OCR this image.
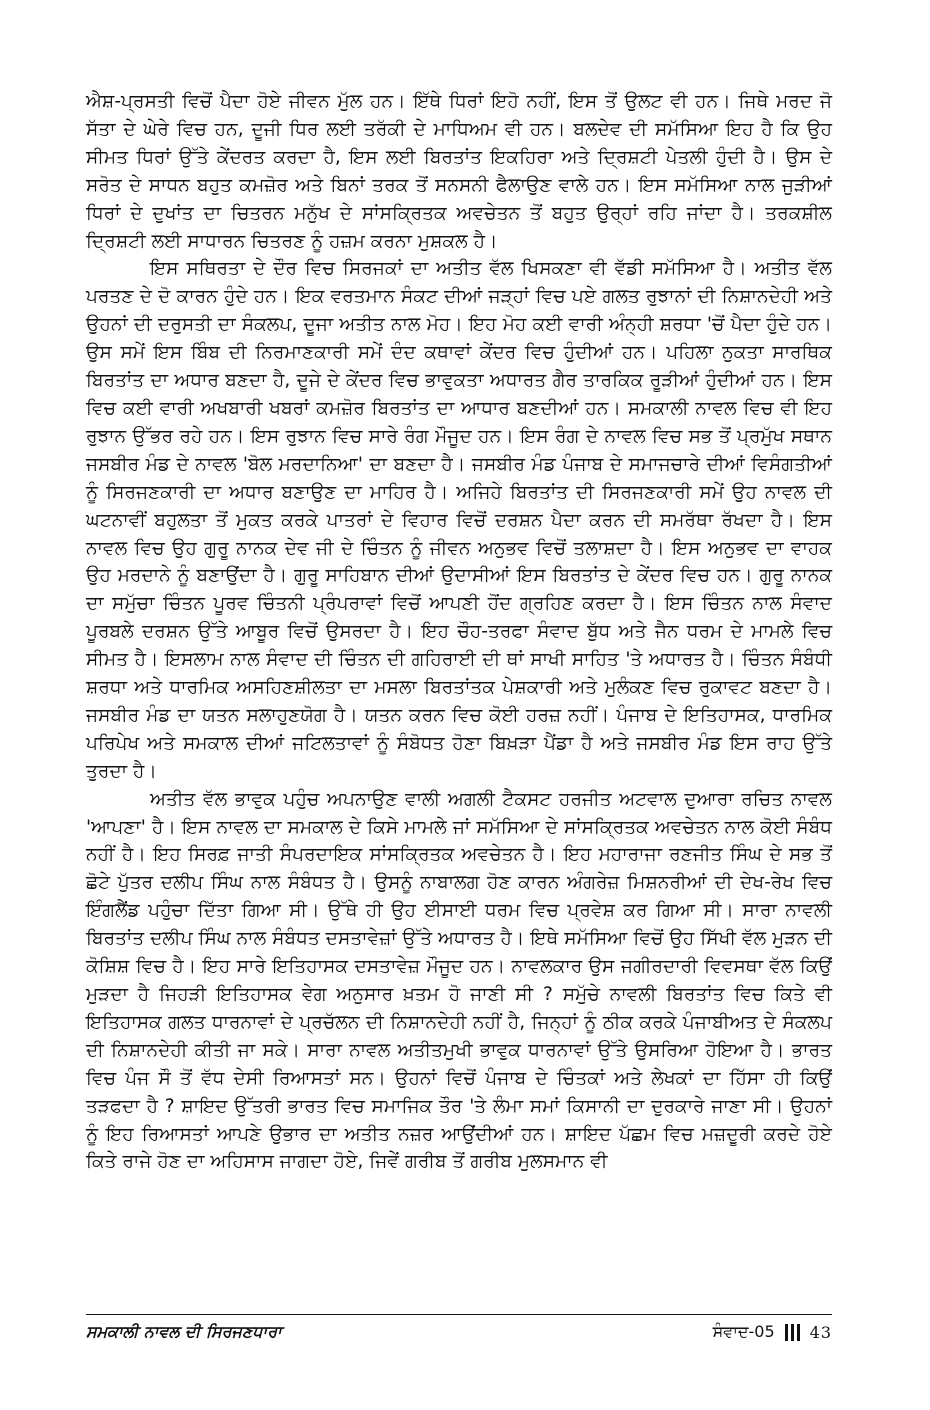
ਐਸ਼-ਪ੍ਰਸਤੀ ਵਿਚੋਂ ਪੈਦਾ ਹੋਏ ਜੀਵਨ ਮੁੱਲ ਹਨ। ਇੱਥੇ ਧਿਰਾਂ ਇਹੋ ਨਹੀਂ, ਇਸ ਤੋਂ ਉਲਟ ਵੀ ਹਨ। ਜਿਥੇ ਮਰਦ ਜੋ ਸੱਤਾ ਦੇ ਘੇਰੇ ਵਿਚ ਹਨ, ਦੂਜੀ ਧਿਰ ਲਈ ਤਰੱਕੀ ਦੇ ਮਾਧਿਅਮ ਵੀ ਹਨ। ਬਲਦੇਵ ਦੀ ਸਮੱਸਿਆ ਇਹ ਹੈ ਕਿ ਉਹ ਸੀਮਤ ਧਿਰਾਂ ਉੱਤੇ ਕੇਂਦਰਤ ਕਰਦਾ ਹੈ, ਇਸ ਲਈ ਬਿਰਤਾਂਤ ਇਕਹਿਰਾ ਅਤੇ ਦ੍ਰਿਸ਼ਟੀ ਪੇਤਲੀ ਹੁੰਦੀ ਹੈ। ਉਸ ਦੇ ਸਰੋਤ ਦੇ ਸਾਧਨ ਬਹੁਤ ਕਮਜ਼ੋਰ ਅਤੇ ਬਿਨਾਂ ਤਰਕ ਤੋਂ ਸਨਸਨੀ ਫੈਲਾਉਣ ਵਾਲੇ ਹਨ। ਇਸ ਸਮੱਸਿਆ ਨਾਲ ਜੁੜੀਆਂ ਧਿਰਾਂ ਦੇ ਦੁਖਾਂਤ ਦਾ ਚਿਤਰਨ ਮਨੁੱਖ ਦੇ ਸਾਂਸਕ੍ਰਿਤਕ ਅਵਚੇਤਨ ਤੋਂ ਬਹੁਤ ਉਰ੍ਹਾਂ ਰਹਿ ਜਾਂਦਾ ਹੈ। ਤਰਕਸ਼ੀਲ ਦ੍ਰਿਸ਼ਟੀ ਲਈ ਸਾਧਾਰਨ ਚਿਤਰਣ ਨੂੰ ਹਜ਼ਮ ਕਰਨਾ ਮੁਸ਼ਕਲ ਹੈ।

ਇਸ ਸਥਿਰਤਾ ਦੇ ਦੌਰ ਵਿਚ ਸਿਰਜਕਾਂ ਦਾ ਅਤੀਤ ਵੱਲ ਖਿਸਕਣਾ ਵੀ ਵੱਡੀ ਸਮੱਸਿਆ ਹੈ। ਅਤੀਤ ਵੱਲ ਪਰਤਣ ਦੇ ਦੋ ਕਾਰਨ ਹੁੰਦੇ ਹਨ। ਇਕ ਵਰਤਮਾਨ ਸੰਕਟ ਦੀਆਂ ਜੜ੍ਹਾਂ ਵਿਚ ਪਏ ਗਲਤ ਰੁਝਾਨਾਂ ਦੀ ਨਿਸ਼ਾਨਦੇਹੀ ਅਤੇ ਉਹਨਾਂ ਦੀ ਦਰੁਸਤੀ ਦਾ ਸੰਕਲਪ, ਦੂਜਾ ਅਤੀਤ ਨਾਲ ਮੋਹ। ਇਹ ਮੋਹ ਕਈ ਵਾਰੀ ਅੰਨ੍ਹੀ ਸ਼ਰਧਾ 'ਚੋਂ ਪੈਦਾ ਹੁੰਦੇ ਹਨ। ਉਸ ਸਮੇਂ ਇਸ ਬਿੰਬ ਦੀ ਨਿਰਮਾਣਕਾਰੀ ਸਮੇਂ ਦੰਦ ਕਥਾਵਾਂ ਕੇਂਦਰ ਵਿਚ ਹੁੰਦੀਆਂ ਹਨ। ਪਹਿਲਾ ਨੁਕਤਾ ਸਾਰਥਿਕ ਬਿਰਤਾਂਤ ਦਾ ਅਧਾਰ ਬਣਦਾ ਹੈ, ਦੂਜੇ ਦੇ ਕੇਂਦਰ ਵਿਚ ਭਾਵੁਕਤਾ ਅਧਾਰਤ ਗੈਰ ਤਾਰਕਿਕ ਰੂੜੀਆਂ ਹੁੰਦੀਆਂ ਹਨ। ਇਸ ਵਿਚ ਕਈ ਵਾਰੀ ਅਖਬਾਰੀ ਖਬਰਾਂ ਕਮਜ਼ੋਰ ਬਿਰਤਾਂਤ ਦਾ ਆਧਾਰ ਬਣਦੀਆਂ ਹਨ। ਸਮਕਾਲੀ ਨਾਵਲ ਵਿਚ ਵੀ ਇਹ ਰੁਝਾਨ ਉੱਭਰ ਰਹੇ ਹਨ। ਇਸ ਰੁਝਾਨ ਵਿਚ ਸਾਰੇ ਰੰਗ ਮੌਜੂਦ ਹਨ। ਇਸ ਰੰਗ ਦੇ ਨਾਵਲ ਵਿਚ ਸਭ ਤੋਂ ਪ੍ਰਮੁੱਖ ਸਥਾਨ ਜਸਬੀਰ ਮੰਡ ਦੇ ਨਾਵਲ 'ਬੋਲ ਮਰਦਾਨਿਆ' ਦਾ ਬਣਦਾ ਹੈ। ਜਸਬੀਰ ਮੰਡ ਪੰਜਾਬ ਦੇ ਸਮਾਜਚਾਰੇ ਦੀਆਂ ਵਿਸੰਗਤੀਆਂ ਨੂੰ ਸਿਰਜਣਕਾਰੀ ਦਾ ਅਧਾਰ ਬਣਾਉਣ ਦਾ ਮਾਹਿਰ ਹੈ। ਅਜਿਹੇ ਬਿਰਤਾਂਤ ਦੀ ਸਿਰਜਣਕਾਰੀ ਸਮੇਂ ਉਹ ਨਾਵਲ ਦੀ ਘਟਨਾਵੀਂ ਬਹੁਲਤਾ ਤੋਂ ਮੁਕਤ ਕਰਕੇ ਪਾਤਰਾਂ ਦੇ ਵਿਹਾਰ ਵਿਚੋਂ ਦਰਸ਼ਨ ਪੈਦਾ ਕਰਨ ਦੀ ਸਮਰੱਥਾ ਰੱਖਦਾ ਹੈ। ਇਸ ਨਾਵਲ ਵਿਚ ਉਹ ਗੁਰੂ ਨਾਨਕ ਦੇਵ ਜੀ ਦੇ ਚਿੰਤਨ ਨੂੰ ਜੀਵਨ ਅਨੁਭਵ ਵਿਚੋਂ ਤਲਾਸ਼ਦਾ ਹੈ। ਇਸ ਅਨੁਭਵ ਦਾ ਵਾਹਕ ਉਹ ਮਰਦਾਨੇ ਨੂੰ ਬਣਾਉਂਦਾ ਹੈ। ਗੁਰੂ ਸਾਹਿਬਾਨ ਦੀਆਂ ਉਦਾਸੀਆਂ ਇਸ ਬਿਰਤਾਂਤ ਦੇ ਕੇਂਦਰ ਵਿਚ ਹਨ। ਗੁਰੂ ਨਾਨਕ ਦਾ ਸਮੁੱਚਾ ਚਿੰਤਨ ਪੂਰਵ ਚਿੰਤਨੀ ਪ੍ਰੰਪਰਾਵਾਂ ਵਿਚੋਂ ਆਪਣੀ ਹੋਂਦ ਗ੍ਰਹਿਣ ਕਰਦਾ ਹੈ। ਇਸ ਚਿੰਤਨ ਨਾਲ ਸੰਵਾਦ ਪੂਰਬਲੇ ਦਰਸ਼ਨ ਉੱਤੇ ਆਬੂਰ ਵਿਚੋਂ ਉਸਰਦਾ ਹੈ। ਇਹ ਚੌਹ-ਤਰਫਾ ਸੰਵਾਦ ਬੁੱਧ ਅਤੇ ਜੈਨ ਧਰਮ ਦੇ ਮਾਮਲੇ ਵਿਚ ਸੀਮਤ ਹੈ। ਇਸਲਾਮ ਨਾਲ ਸੰਵਾਦ ਦੀ ਚਿੰਤਨ ਦੀ ਗਹਿਰਾਈ ਦੀ ਥਾਂ ਸਾਖੀ ਸਾਹਿਤ 'ਤੇ ਅਧਾਰਤ ਹੈ। ਚਿੰਤਨ ਸੰਬੰਧੀ ਸ਼ਰਧਾ ਅਤੇ ਧਾਰਮਿਕ ਅਸਹਿਣਸ਼ੀਲਤਾ ਦਾ ਮਸਲਾ ਬਿਰਤਾਂਤਕ ਪੇਸ਼ਕਾਰੀ ਅਤੇ ਮੁਲੰਕਣ ਵਿਚ ਰੁਕਾਵਟ ਬਣਦਾ ਹੈ। ਜਸਬੀਰ ਮੰਡ ਦਾ ਯਤਨ ਸਲਾਹੁਣਯੋਗ ਹੈ। ਯਤਨ ਕਰਨ ਵਿਚ ਕੋਈ ਹਰਜ਼ ਨਹੀਂ। ਪੰਜਾਬ ਦੇ ਇਤਿਹਾਸਕ, ਧਾਰਮਿਕ ਪਰਿਪੇਖ ਅਤੇ ਸਮਕਾਲ ਦੀਆਂ ਜਟਿਲਤਾਵਾਂ ਨੂੰ ਸੰਬੋਧਤ ਹੋਣਾ ਬਿਖ਼ੜਾ ਪੈਂਡਾ ਹੈ ਅਤੇ ਜਸਬੀਰ ਮੰਡ ਇਸ ਰਾਹ ਉੱਤੇ ਤੁਰਦਾ ਹੈ।

ਅਤੀਤ ਵੱਲ ਭਾਵੁਕ ਪਹੁੰਚ ਅਪਨਾਉਣ ਵਾਲੀ ਅਗਲੀ ਟੈਕਸਟ ਹਰਜੀਤ ਅਟਵਾਲ ਦੁਆਰਾ ਰਚਿਤ ਨਾਵਲ 'ਆਪਣਾ' ਹੈ। ਇਸ ਨਾਵਲ ਦਾ ਸਮਕਾਲ ਦੇ ਕਿਸੇ ਮਾਮਲੇ ਜਾਂ ਸਮੱਸਿਆ ਦੇ ਸਾਂਸਕ੍ਰਿਤਕ ਅਵਚੇਤਨ ਨਾਲ ਕੋਈ ਸੰਬੰਧ ਨਹੀਂ ਹੈ। ਇਹ ਸਿਰਫ਼ ਜਾਤੀ ਸੰਪਰਦਾਇਕ ਸਾਂਸਕ੍ਰਿਤਕ ਅਵਚੇਤਨ ਹੈ। ਇਹ ਮਹਾਰਾਜਾ ਰਣਜੀਤ ਸਿੰਘ ਦੇ ਸਭ ਤੋਂ ਛੋਟੇ ਪੁੱਤਰ ਦਲੀਪ ਸਿੰਘ ਨਾਲ ਸੰਬੰਧਤ ਹੈ। ਉਸਨੂੰ ਨਾਬਾਲਗ ਹੋਣ ਕਾਰਨ ਅੰਗਰੇਜ਼ ਮਿਸ਼ਨਰੀਆਂ ਦੀ ਦੇਖ-ਰੇਖ ਵਿਚ ਇੰਗਲੈਂਡ ਪਹੁੰਚਾ ਦਿੱਤਾ ਗਿਆ ਸੀ। ਉੱਥੇ ਹੀ ਉਹ ਈਸਾਈ ਧਰਮ ਵਿਚ ਪ੍ਰਵੇਸ਼ ਕਰ ਗਿਆ ਸੀ। ਸਾਰਾ ਨਾਵਲੀ ਬਿਰਤਾਂਤ ਦਲੀਪ ਸਿੰਘ ਨਾਲ ਸੰਬੰਧਤ ਦਸਤਾਵੇਜ਼ਾਂ ਉੱਤੇ ਅਧਾਰਤ ਹੈ। ਇਥੇ ਸਮੱਸਿਆ ਵਿਚੋਂ ਉਹ ਸਿੱਖੀ ਵੱਲ ਮੁੜਨ ਦੀ ਕੋਸ਼ਿਸ਼ ਵਿਚ ਹੈ। ਇਹ ਸਾਰੇ ਇਤਿਹਾਸਕ ਦਸਤਾਵੇਜ਼ ਮੌਜੂਦ ਹਨ। ਨਾਵਲਕਾਰ ਉਸ ਜਗੀਰਦਾਰੀ ਵਿਵਸਥਾ ਵੱਲ ਕਿਉਂ ਮੁੜਦਾ ਹੈ ਜਿਹੜੀ ਇਤਿਹਾਸਕ ਵੇਗ ਅਨੁਸਾਰ ਖ਼ਤਮ ਹੋ ਜਾਣੀ ਸੀ ? ਸਮੁੱਚੇ ਨਾਵਲੀ ਬਿਰਤਾਂਤ ਵਿਚ ਕਿਤੇ ਵੀ ਇਤਿਹਾਸਕ ਗਲਤ ਧਾਰਨਾਵਾਂ ਦੇ ਪ੍ਰਚੱਲਨ ਦੀ ਨਿਸ਼ਾਨਦੇਹੀ ਨਹੀਂ ਹੈ, ਜਿਨ੍ਹਾਂ ਨੂੰ ਠੀਕ ਕਰਕੇ ਪੰਜਾਬੀਅਤ ਦੇ ਸੰਕਲਪ ਦੀ ਨਿਸ਼ਾਨਦੇਹੀ ਕੀਤੀ ਜਾ ਸਕੇ। ਸਾਰਾ ਨਾਵਲ ਅਤੀਤਮੁਖੀ ਭਾਵੁਕ ਧਾਰਨਾਵਾਂ ਉੱਤੇ ਉਸਰਿਆ ਹੋਇਆ ਹੈ। ਭਾਰਤ ਵਿਚ ਪੰਜ ਸੌ ਤੋਂ ਵੱਧ ਦੇਸੀ ਰਿਆਸਤਾਂ ਸਨ। ਉਹਨਾਂ ਵਿਚੋਂ ਪੰਜਾਬ ਦੇ ਚਿੰਤਕਾਂ ਅਤੇ ਲੇਖਕਾਂ ਦਾ ਹਿੱਸਾ ਹੀ ਕਿਉਂ ਤੜਫਦਾ ਹੈ ? ਸ਼ਾਇਦ ਉੱਤਰੀ ਭਾਰਤ ਵਿਚ ਸਮਾਜਿਕ ਤੌਰ 'ਤੇ ਲੰਮਾ ਸਮਾਂ ਕਿਸਾਨੀ ਦਾ ਦੁਰਕਾਰੇ ਜਾਣਾ ਸੀ। ਉਹਨਾਂ ਨੂੰ ਇਹ ਰਿਆਸਤਾਂ ਆਪਣੇ ਉਭਾਰ ਦਾ ਅਤੀਤ ਨਜ਼ਰ ਆਉਂਦੀਆਂ ਹਨ। ਸ਼ਾਇਦ ਪੱਛਮ ਵਿਚ ਮਜ਼ਦੂਰੀ ਕਰਦੇ ਹੋਏ ਕਿਤੇ ਰਾਜੇ ਹੋਣ ਦਾ ਅਹਿਸਾਸ ਜਾਗਦਾ ਹੋਏ, ਜਿਵੇਂ ਗਰੀਬ ਤੋਂ ਗਰੀਬ ਮੁਲਸਮਾਨ ਵੀ

ਸਮਕਾਲੀ ਨਾਵਲ ਦੀ ਸਿਰਜਣਧਾਰਾ	ਸੰਵਾਦ-05 43
